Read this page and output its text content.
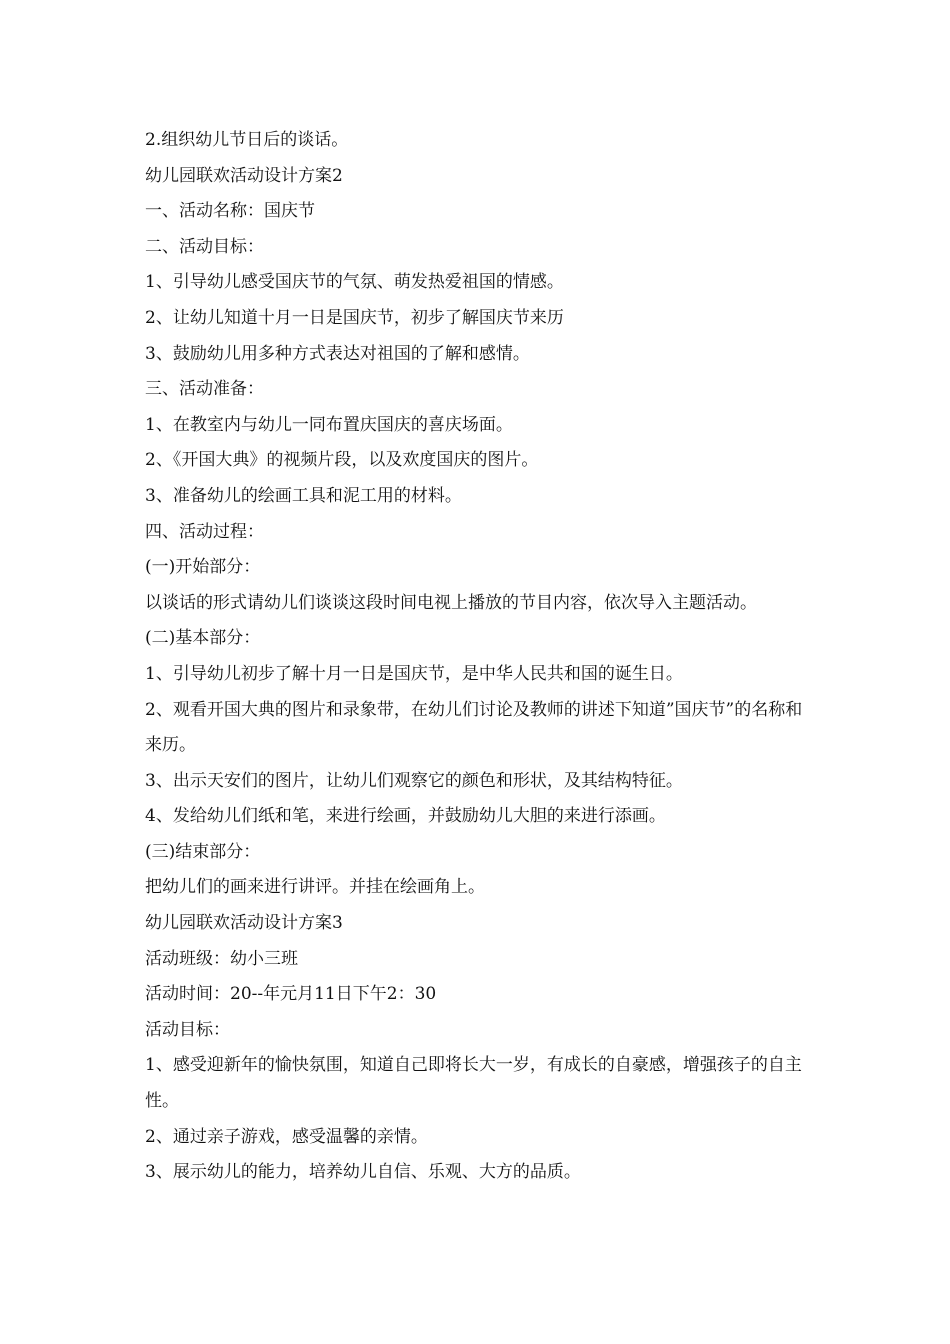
2.组织幼儿节日后的谈话。

幼儿园联欢活动设计方案2

一、活动名称：国庆节

二、活动目标：

1、引导幼儿感受国庆节的气氛、萌发热爱祖国的情感。

2、让幼儿知道十月一日是国庆节，初步了解国庆节来历

3、鼓励幼儿用多种方式表达对祖国的了解和感情。

三、活动准备：

1、在教室内与幼儿一同布置庆国庆的喜庆场面。

2、《开国大典》的视频片段，以及欢度国庆的图片。

3、准备幼儿的绘画工具和泥工用的材料。

四、活动过程：

(一)开始部分：

以谈话的形式请幼儿们谈谈这段时间电视上播放的节目内容，依次导入主题活动。

(二)基本部分：

1、引导幼儿初步了解十月一日是国庆节，是中华人民共和国的诞生日。

2、观看开国大典的图片和录象带，在幼儿们讨论及教师的讲述下知道”国庆节”的名称和来历。

3、出示天安们的图片，让幼儿们观察它的颜色和形状，及其结构特征。

4、发给幼儿们纸和笔，来进行绘画，并鼓励幼儿大胆的来进行添画。

(三)结束部分：

把幼儿们的画来进行讲评。并挂在绘画角上。

幼儿园联欢活动设计方案3

活动班级：幼小三班

活动时间：20--年元月11日下午2：30

活动目标：

1、感受迎新年的愉快氛围，知道自己即将长大一岁，有成长的自豪感，增强孩子的自主性。

2、通过亲子游戏，感受温馨的亲情。

3、展示幼儿的能力，培养幼儿自信、乐观、大方的品质。
